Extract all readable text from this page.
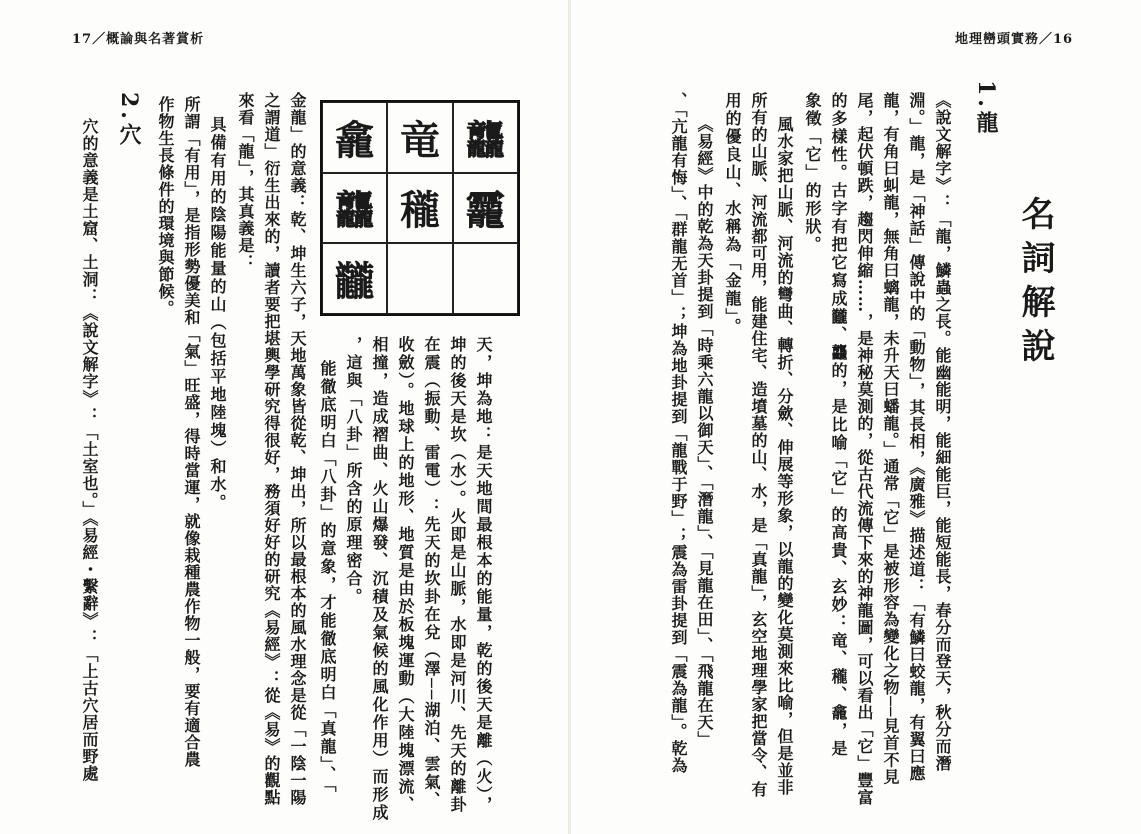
17／概論與名著賞析
龕 竜 龘
龘 䆍 龗
龖
天，坤為地：是天地間最根本的能量，乾的後天是離（火），
坤的後天是坎（水）。火即是山脈，水即是河川、先天的離卦
在震（振動、雷電）：先天的坎卦在兌（澤──湖泊、雲氣、
收斂）。地球上的地形、地質是由於板塊運動（大陸塊漂流、
相撞，造成褶曲、火山爆發、沉積及氣候的風化作用）而形成
，這與「八卦」所含的原理密合。
能徹底明白「八卦」的意象，才能徹底明白「真龍」、「
金龍」的意義：乾、坤生六子，天地萬象皆從乾、坤出，所以最根本的風水理念是從「一陰一陽
之謂道」衍生出來的，讀者要把堪輿學研究得很好，務須好好的研究《易經》：從《易》的觀點
來看「龍」，其真義是：
具備有用的陰陽能量的山（包括平地陸塊）和水。
所謂「有用」，是指形勢優美和「氣」旺盛，得時當運，就像栽種農作物一般，要有適合農
作物生長條件的環境與節候。
2.穴
穴的意義是土窟、土洞：《說文解字》：「土室也。」《易經・繫辭》：「上古穴居而野處
地理巒頭實務／16
名詞解說
1.龍
《說文解字》：「龍，鱗蟲之長。能幽能明，能細能巨，能短能長，春分而登天，秋分而潛
淵。」龍，是「神話」傳說中的「動物」，其長相，《廣雅》描述道：「有鱗曰蛟龍，有翼曰應
龍，有角曰虯龍，無角曰螭龍，未升天曰蟠龍。」通常「它」是被形容為變化之物──見首不見
尾，起伏頓跌，趨閃伸縮……，是神秘莫測的，從古代流傳下來的神龍圖，可以看出「它」豐富
的多樣性。古字有把它寫成龖、龘的，是比喻「它」的高貴、玄妙：竜、䆍、龕，是
象徵「它」的形狀。
風水家把山脈、河流的彎曲、轉折、分歛、伸展等形象，以龍的變化莫測來比喻，但是並非
所有的山脈、河流都可用，能建住宅、造墳墓的山、水，是「真龍」，玄空地理學家把當令、有
用的優良山、水稱為「金龍」。
《易經》中的乾為天卦提到「時乘六龍以御天」、「潛龍」、「見龍在田」、「飛龍在天」
、「亢龍有悔」、「群龍无首」；坤為地卦提到「龍戰于野」；震為雷卦提到「震為龍」。乾為
